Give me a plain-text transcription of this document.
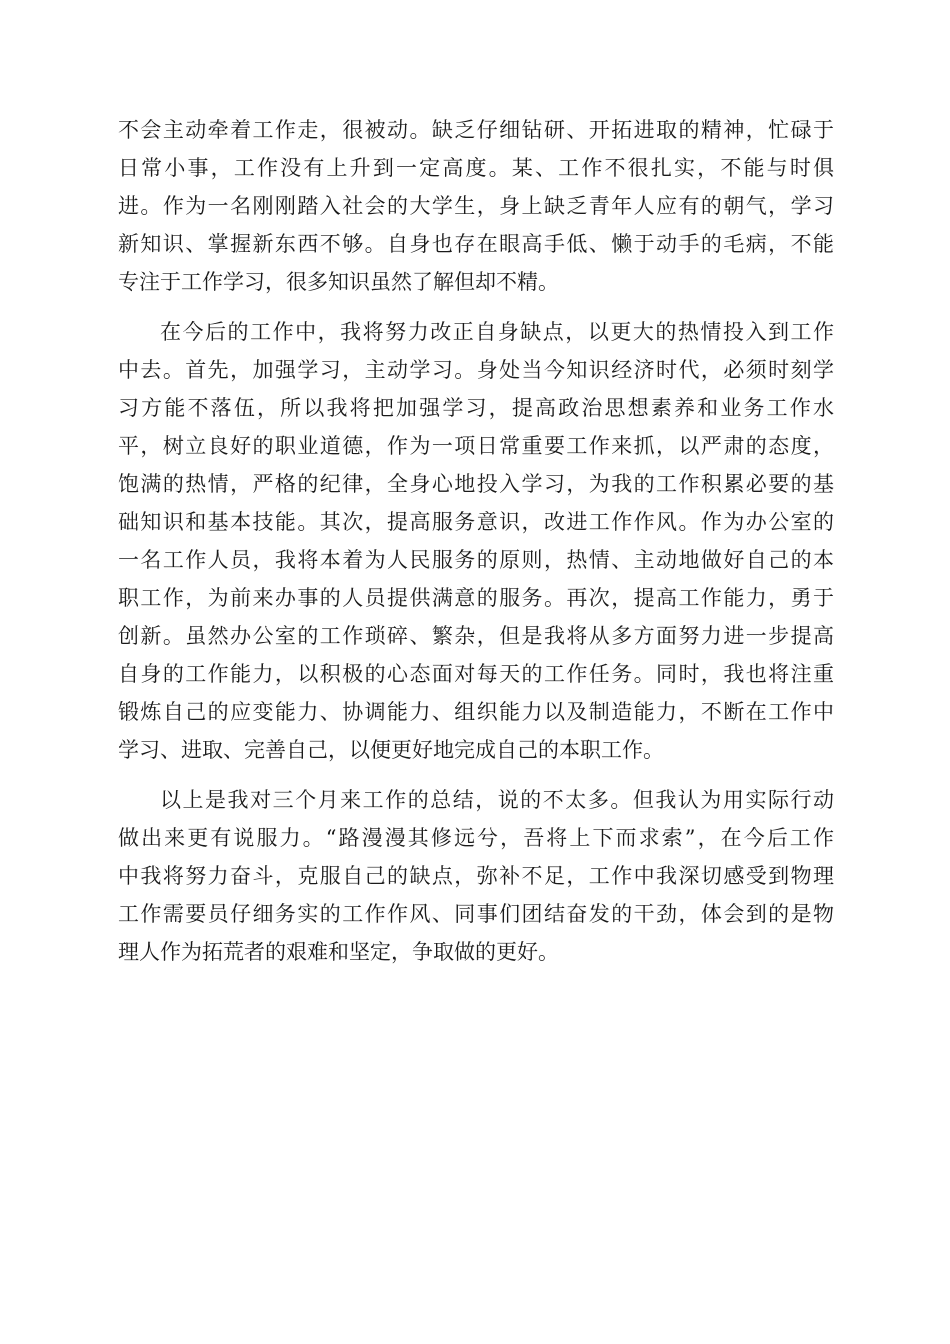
不会主动牵着工作走，很被动。缺乏仔细钻研、开拓进取的精神，忙碌于
日常小事，工作没有上升到一定高度。某、工作不很扎实，不能与时俱
进。作为一名刚刚踏入社会的大学生，身上缺乏青年人应有的朝气，学习
新知识、掌握新东西不够。自身也存在眼高手低、懒于动手的毛病，不能
专注于工作学习，很多知识虽然了解但却不精。
在今后的工作中，我将努力改正自身缺点，以更大的热情投入到工作
中去。首先，加强学习，主动学习。身处当今知识经济时代，必须时刻学
习方能不落伍，所以我将把加强学习，提高政治思想素养和业务工作水
平，树立良好的职业道德，作为一项日常重要工作来抓，以严肃的态度，
饱满的热情，严格的纪律，全身心地投入学习，为我的工作积累必要的基
础知识和基本技能。其次，提高服务意识，改进工作作风。作为办公室的
一名工作人员，我将本着为人民服务的原则，热情、主动地做好自己的本
职工作，为前来办事的人员提供满意的服务。再次，提高工作能力，勇于
创新。虽然办公室的工作琐碎、繁杂，但是我将从多方面努力进一步提高
自身的工作能力，以积极的心态面对每天的工作任务。同时，我也将注重
锻炼自己的应变能力、协调能力、组织能力以及制造能力，不断在工作中
学习、进取、完善自己，以便更好地完成自己的本职工作。
以上是我对三个月来工作的总结，说的不太多。但我认为用实际行动
做出来更有说服力。“路漫漫其修远兮，吾将上下而求索”，在今后工作
中我将努力奋斗，克服自己的缺点，弥补不足，工作中我深切感受到物理
工作需要员仔细务实的工作作风、同事们团结奋发的干劲，体会到的是物
理人作为拓荒者的艰难和坚定，争取做的更好。
